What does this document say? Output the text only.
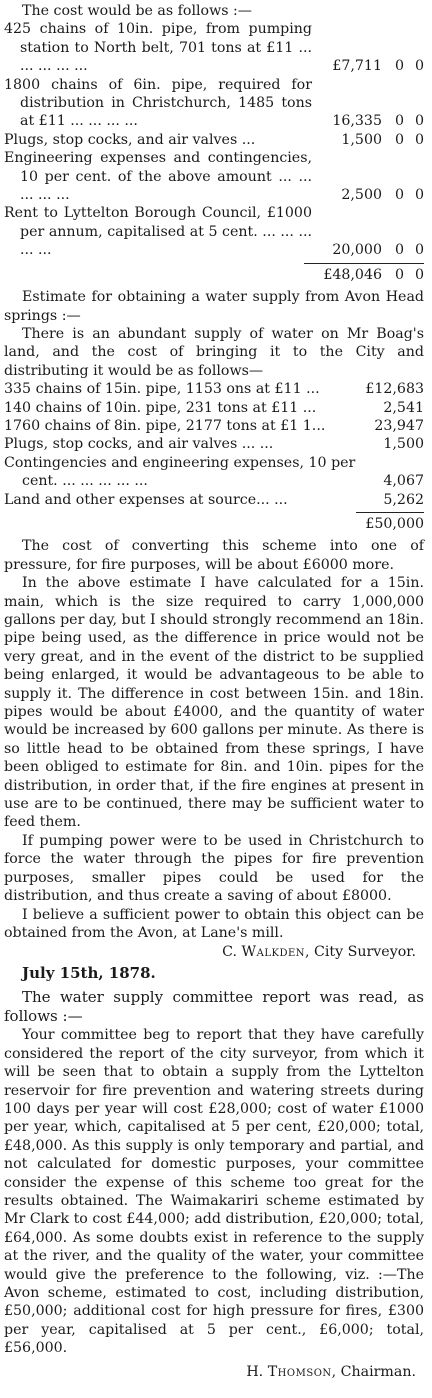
The cost would be as follows :—

425 chains of 10in. pipe, from pumping station to North belt, 701 tons at £11 ... ... ... ... ...	£7,711 0 0
1800 chains of 6in. pipe, required for distribution in Christchurch, 1485 tons at £11 ... ... ... ...	16,335 0 0
Plugs, stop cocks, and air valves ...	1,500 0 0
Engineering expenses and contingencies, 10 per cent. of the above amount ... ... ... ... ...	2,500 0 0
Rent to Lyttelton Borough Council, £1000 per annum, capitalised at 5 cent. ... ... ... ... ...	20,000 0 0
£48,046 0 0

Estimate for obtaining a water supply from Avon Head springs :—

There is an abundant supply of water on Mr Boag's land, and the cost of bringing it to the City and distributing it would be as follows—

335 chains of 15in. pipe, 1153 ons at £11 ...	£12,683
140 chains of 10in. pipe, 231 tons at £11 ...	2,541
1760 chains of 8in. pipe, 2177 tons at £1 1...	23,947
Plugs, stop cocks, and air valves ... ...	1,500
Contingencies and engineering expenses, 10 per cent. ... ... ... ... ...	4,067
Land and other expenses at source... ...	5,262
£50,000

The cost of converting this scheme into one of pressure, for fire purposes, will be about £6000 more.

In the above estimate I have calculated for a 15in. main, which is the size required to carry 1,000,000 gallons per day, but I should strongly recommend an 18in. pipe being used, as the difference in price would not be very great, and in the event of the district to be supplied being enlarged, it would be advantageous to be able to supply it. The difference in cost between 15in. and 18in. pipes would be about £4000, and the quantity of water would be increased by 600 gallons per minute. As there is so little head to be obtained from these springs, I have been obliged to estimate for 8in. and 10in. pipes for the distribution, in order that, if the fire engines at present in use are to be continued, there may be sufficient water to feed them.

If pumping power were to be used in Christchurch to force the water through the pipes for fire prevention purposes, smaller pipes could be used for the distribution, and thus create a saving of about £8000.

I believe a sufficient power to obtain this object can be obtained from the Avon, at Lane's mill.

C. Walkden, City Surveyor.

July 15th, 1878.

The water supply committee report was read, as follows :—

Your committee beg to report that they have carefully considered the report of the city surveyor, from which it will be seen that to obtain a supply from the Lyttelton reservoir for fire prevention and watering streets during 100 days per year will cost £28,000; cost of water £1000 per year, which, capitalised at 5 per cent, £20,000; total, £48,000. As this supply is only temporary and partial, and not calculated for domestic purposes, your committee consider the expense of this scheme too great for the results obtained. The Waimakariri scheme estimated by Mr Clark to cost £44,000; add distribution, £20,000; total, £64,000. As some doubts exist in reference to the supply at the river, and the quality of the water, your committee would give the preference to the following, viz. :—The Avon scheme, estimated to cost, including distribution, £50,000; additional cost for high pressure for fires, £300 per year, capitalised at 5 per cent., £6,000; total, £56,000.

H. Thomson, Chairman.
